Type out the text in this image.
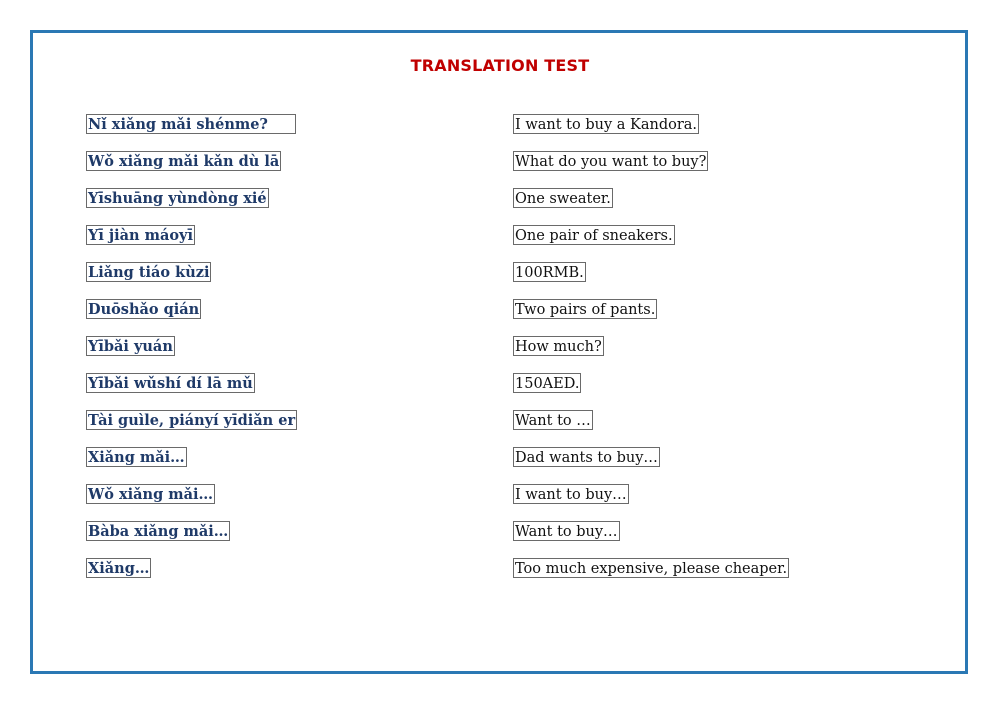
TRANSLATION TEST
Nǐ xiǎng mǎi shénme?
Wǒ xiǎng mǎi kǎn dù lā
Yīshuāng yùndòng xié
Yī jiàn máoyī
Liǎng tiáo kùzi
Duōshǎo qián
Yībǎi yuán
Yībǎi wǔshí dí lā mǔ
Tài guìle, piányí yīdiǎn er
Xiǎng mǎi…
Wǒ xiǎng mǎi…
Bàba xiǎng mǎi…
Xiǎng…
I want to buy a Kandora.
What do you want to buy?
One sweater.
One pair of sneakers.
100RMB.
Two pairs of pants.
How much?
150AED.
Want to …
Dad wants to buy…
I want to buy…
Want to buy…
Too much expensive, please cheaper.
